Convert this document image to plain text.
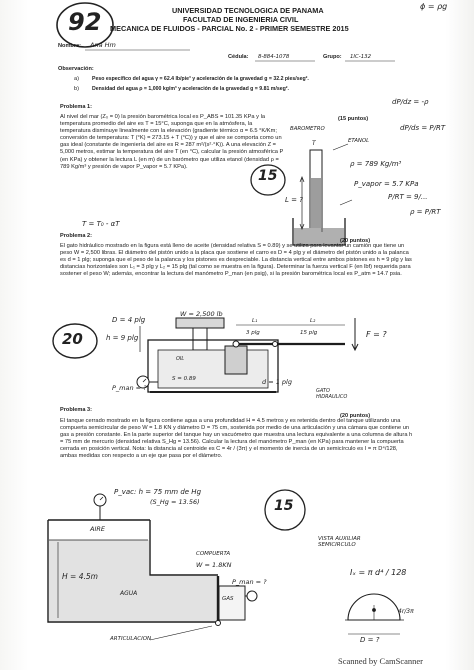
92	UNIVERSIDAD TECNOLOGICA DE PANAMA
FACULTAD DE INGENIERIA CIVIL
MECANICA DE FLUIDOS - PARCIAL No. 2 - PRIMER SEMESTRE 2015
Nombre: Ana Hm
Cédula: 8-884-1078	Grupo: 1IC-132
Observación:
a)	Peso específico del agua γ = 62.4 lb/pie³ y aceleración de la gravedad g = 32.2 pies/seg².
b)	Densidad del agua ρ = 1,000 kg/m³ y aceleración de la gravedad g = 9.81 m/seg².
ϕ = ρg
dP/dz = -ρ
dP/ds = P/RT
P/RT = 9/...
ρ = P/RT
Problema 1:
(15 puntos)
Al nivel del mar (Z₀ = 0) la presión barométrica local es P_ABS = 101.35 KPa y la temperatura promedio del aire es T = 15°C, suponga que en la atmósfera, la temperatura disminuye linealmente con la elevación (gradiente térmico α = 6.5 °K/Km; conversión de temperatura: T (°K) = 273.15 + T (°C)) y que el aire se comporta como un gas ideal (constante de ingeniería del aire es R = 287 m²/(s²·°K)). A una elevación Z = 5,000 metros, estimar la temperatura del aire T (en °C), calcular la presión atmosférica P (en KPa) y obtener la lectura L (en m) de un barómetro que utiliza etanol (densidad ρ = 789 Kg/m³ y presión de vapor P_vapor = 5.7 KPa).
15
T = T₀ - αT
BAROMETRO
ETANOL
ρ = 789 Kg/m³
P_vapor = 5.7 KPa
L = ?
T
Problema 2:
(20 puntos)
El gato hidráulico mostrado en la figura está lleno de aceite (densidad relativa S = 0.89) y se utiliza para levantar un camión que tiene un peso W = 2,500 libras. El diámetro del pistón unido a la placa que sostiene el carro es D = 4 plg y el diámetro del pistón unido a la palanca es d = 1 plg; suponga que el peso de la palanca y los pistones es despreciable. La distancia vertical entre ambos pistones es h = 9 plg y las distancias horizontales son L₁ = 3 plg y L₂ = 15 plg (tal como se muestra en la figura). Determinar la fuerza vertical F (en lbf) requerida para sostener el peso W; además, encontrar la lectura del manómetro P_man (en psig), si la presión barométrica local es P_atm = 14.7 psia.
20
D = 4 plg
h = 9 plg
W = 2,500 lb
L₁	L₂
3 plg	15 plg	F = ?
OIL
S = 0.89	d = 1 plg
P_man = ?	GATO HIDRAULICO
Problema 3:
(20 puntos)
El tanque cerrado mostrado en la figura contiene agua a una profundidad H = 4.5 metros y es retenida dentro del tanque utilizando una compuerta semicircular de peso W = 1.8 KN y diámetro D = 75 cm, sostenida por medio de una articulación y una cámara que contiene un gas a presión constante. En la parte superior del tanque hay un vacuómetro que muestra una lectura equivalente a una columna de altura h = 75 mm de mercurio (densidad relativa S_Hg = 13.56). Calcular la lectura del manómetro P_man (en KPa) para mantener la compuerta cerrada en posición vertical. Nota: la distancia al centroide es C = 4r / (3π) y el momento de inercia de un semicírculo es I = π D⁴/128, ambas medidas con respecto a un eje que pasa por el diámetro.
15
P_vac: h = 75 mm de Hg
(S_Hg = 13.56)
AIRE
H = 4.5m
AGUA
COMPUERTA
W = 1.8KN
GAS
P_man = ?
ARTICULACION
VISTA AUXILIAR SEMICIRCULO
Iₓ = π d⁴ / 128
4r/3π
D = ?
Scanned by CamScanner
